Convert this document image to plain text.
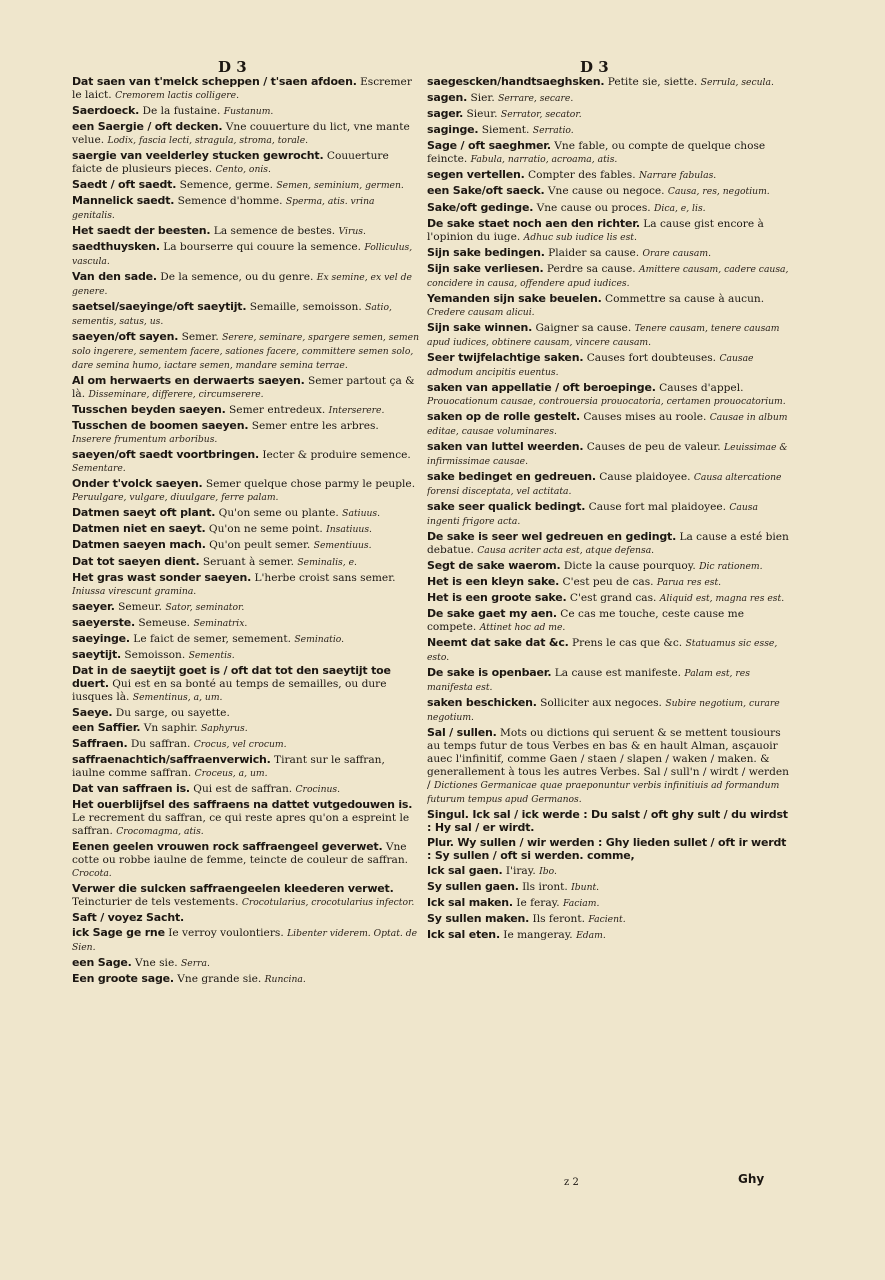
D 3	D 3
Dat saen van t'melck scheppen / t'saen afdoen. Escremer le laict. Cremorem lactis colligere.
Saerdoeck. De la fustaine. Fustanum.
een Saergie / oft decken. Vne couuerture du lict, vne mante velue. Lodix, fascia lecti, stragula, stroma, torale.
saergie van veelderley stucken gewrocht. Couuerture faicte de plusieurs pieces. Cento, onis.
Saedt / oft saedt. Semence, germe. Semen, seminium, germen.
Mannelick saedt. Semence d'homme. Sperma, atis. vrina genitalis.
Het saedt der beesten. La semence de bestes. Virus.
saedthuysken. La bourserre qui couure la semence. Folliculus, vascula.
Van den sade. De la semence, ou du genre. Ex semine, ex vel de genere.
saetsel/saeyinge/oft saeytijt. Semaille, semoisson. Satio, sementis, satus, us.
saeyen/oft sayen. Semer. Serere, seminare, spargere semen, semen solo ingerere, sementem facere, sationes facere, committere semen solo, dare semina humo, iactare semen, mandare semina terrae.
Al om herwaerts en derwaerts saeyen. Semer partout ça & là. Disseminare, differere, circumserere.
Tusschen beyden saeyen. Semer entredeux. Interserere.
Tusschen de boomen saeyen. Semer entre les arbres. Inserere frumentum arboribus.
saeyen/oft saedt voortbringen. Iecter & produire semence. Sementare.
Onder t'volck saeyen. Semer quelque chose parmy le peuple. Peruulgare, vulgare, diuulgare, ferre palam.
Datmen saeyt oft plant. Qu'on seme ou plante. Satiuus.
Datmen niet en saeyt. Qu'on ne seme point. Insatiuus.
Datmen saeyen mach. Qu'on peult semer. Sementiuus.
Dat tot saeyen dient. Seruant à semer. Seminalis, e.
Het gras wast sonder saeyen. L'herbe croist sans semer. Iniussa virescunt gramina.
saeyer. Semeur. Sator, seminator.
saeyerste. Semeuse. Seminatrix.
saeyinge. Le faict de semer, semement. Seminatio.
saeytijt. Semoisson. Sementis.
Dat in de saeytijt goet is / oft dat tot den saeytijt toe duert. Qui est en sa bonté au temps de semailles, ou dure iusques là. Sementinus, a, um.
Saeye. Du sarge, ou sayette.
een Saffier. Vn saphir. Saphyrus.
Saffraen. Du saffran. Crocus, vel crocum.
saffraenachtich/saffraenverwich. Tirant sur le saffran, iaulne comme saffran. Croceus, a, um.
Dat van saffraen is. Qui est de saffran. Crocinus.
Het ouerblijfsel des saffraens na dattet vutgedouwen is. Le recrement du saffran, ce qui reste apres qu'on a espreint le saffran. Crocomagma, atis.
Eenen geelen vrouwen rock saffraengeel geverwet. Vne cotte ou robbe iaulne de femme, teincte de couleur de saffran. Crocota.
Verwer die sulcken saffraengeelen kleederen verwet. Teincturier de tels vestements. Crocotularius, crocotularius infector.
Saft / voyez Sacht.
ick Sage ge rne Ie verroy voulontiers. Libenter viderem. Optat. de Sien.
een Sage. Vne sie. Serra.
Een groote sage. Vne grande sie. Runcina.
saegescken/handtsaeghsken. Petite sie, siette. Serrula, secula.
sagen. Sier. Serrare, secare.
sager. Sieur. Serrator, secator.
saginge. Siement. Serratio.
Sage / oft saeghmer. Vne fable, ou compte de quelque chose feincte. Fabula, narratio, acroama, atis.
segen vertellen. Compter des fables. Narrare fabulas.
een Sake/oft saeck. Vne cause ou negoce. Causa, res, negotium.
Sake/oft gedinge. Vne cause ou proces. Dica, e, lis.
De sake staet noch aen den richter. La cause gist encore à l'opinion du iuge. Adhuc sub iudice lis est.
Sijn sake bedingen. Plaider sa cause. Orare causam.
Sijn sake verliesen. Perdre sa cause. Amittere causam, cadere causa, concidere in causa, offendere apud iudices.
Yemanden sijn sake beuelen. Commettre sa cause à aucun. Credere causam alicui.
Sijn sake winnen. Gaigner sa cause. Tenere causam, tenere causam apud iudices, obtinere causam, vincere causam.
Seer twijfelachtige saken. Causes fort doubteuses. Causae admodum ancipitis euentus.
saken van appellatie / oft beroepinge. Causes d'appel. Prouocationum causae, controuersia prouocatoria, certamen prouocatorium.
saken op de rolle gestelt. Causes mises au roole. Causae in album editae, causae voluminares.
saken van luttel weerden. Causes de peu de valeur. Leuissimae & infirmissimae causae.
sake bedinget en gedreuen. Cause plaidoyee. Causa altercatione forensi disceptata, vel actitata.
sake seer qualick bedingt. Cause fort mal plaidoyee. Causa ingenti frigore acta.
De sake is seer wel gedreuen en gedingt. La cause a esté bien debatue. Causa acriter acta est, atque defensa.
Segt de sake waerom. Dicte la cause pourquoy. Dic rationem.
Het is een kleyn sake. C'est peu de cas. Parua res est.
Het is een groote sake. C'est grand cas. Aliquid est, magna res est.
De sake gaet my aen. Ce cas me touche, ceste cause me compete. Attinet hoc ad me.
Neemt dat sake dat &c. Prens le cas que &c. Statuamus sic esse, esto.
De sake is openbaer. La cause est manifeste. Palam est, res manifesta est.
saken beschicken. Solliciter aux negoces. Subire negotium, curare negotium.
Sal / sullen. Mots ou dictions qui seruent & se mettent tousiours au temps futur de tous Verbes en bas & en hault Alman, asçauoir auec l'infinitif, comme Gaen / staen / slapen / waken / maken. & generallement à tous les autres Verbes. Sal / sull'n / wirdt / werden / Dictiones Germanicae quae praeponuntur verbis infinitiuis ad formandum futurum tempus apud Germanos.
Singul. Ick sal / ick werde : Du salst / oft ghy sult / du wirdst : Hy sal / er wirdt.
Plur. Wy sullen / wir werden : Ghy lieden sullet / oft ir werdt : Sy sullen / oft si werden. comme,
Ick sal gaen. I'iray. Ibo.
Sy sullen gaen. Ils iront. Ibunt.
Ick sal maken. Ie feray. Faciam.
Sy sullen maken. Ils feront. Facient.
Ick sal eten. Ie mangeray. Edam.
z 2	Ghy
